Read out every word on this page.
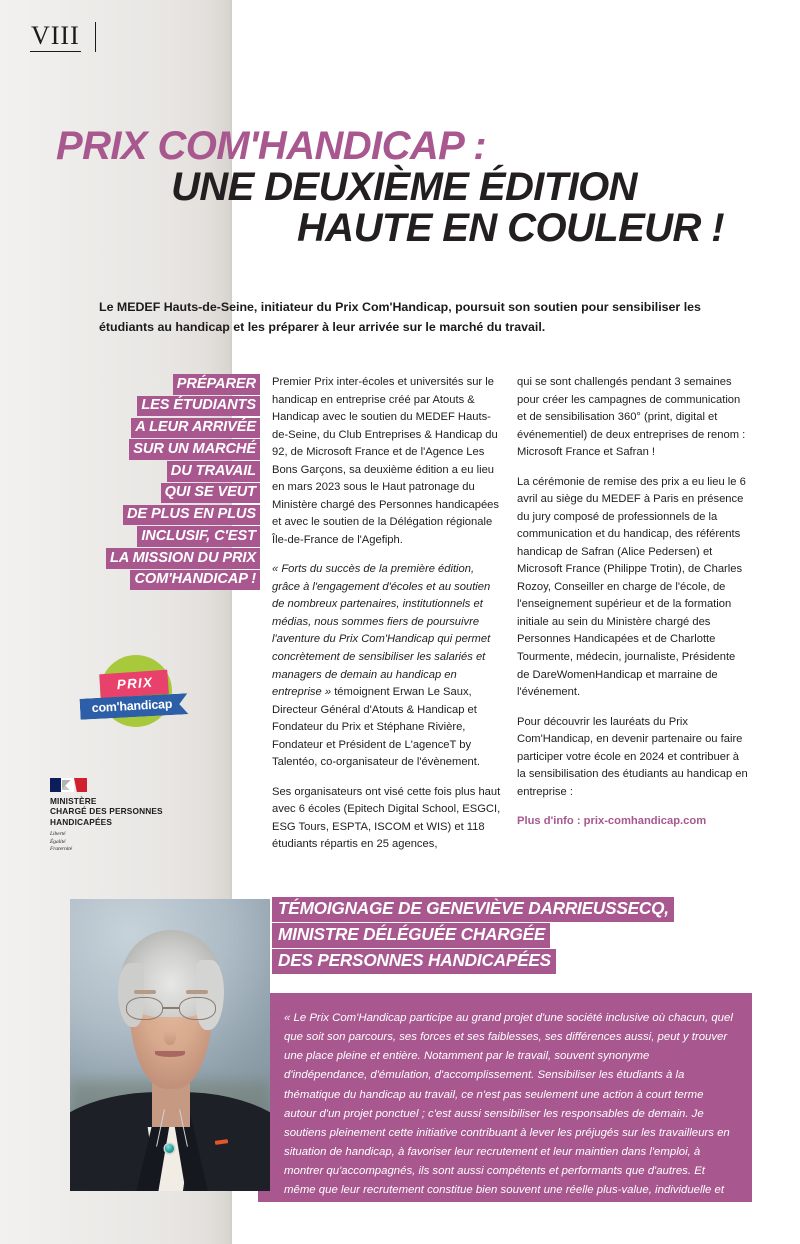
VIII
PRIX COM'HANDICAP :
UNE DEUXIÈME ÉDITION
HAUTE EN COULEUR !
Le MEDEF Hauts-de-Seine, initiateur du Prix Com'Handicap, poursuit son soutien pour sensibiliser les étudiants au handicap et les préparer à leur arrivée sur le marché du travail.
PRÉPARER
LES ÉTUDIANTS
A LEUR ARRIVÉE
SUR UN MARCHÉ
DU TRAVAIL
QUI SE VEUT
DE PLUS EN PLUS
INCLUSIF, C'EST
LA MISSION DU PRIX
COM'HANDICAP !
PRIX
com'handicap
MINISTÈRE
CHARGÉ DES PERSONNES
HANDICAPÉES
Liberté
Égalité
Fraternité

Premier Prix inter-écoles et universités sur le handicap en entreprise créé par Atouts & Handicap avec le soutien du MEDEF Hauts-de-Seine, du Club Entreprises & Handicap du 92, de Microsoft France et de l'Agence Les Bons Garçons, sa deuxième édition a eu lieu en mars 2023 sous le Haut patronage du Ministère chargé des Personnes handicapées et avec le soutien de la Délégation régionale Île-de-France de l'Agefiph.

« Forts du succès de la première édition, grâce à l'engagement d'écoles et au soutien de nombreux partenaires, institutionnels et médias, nous sommes fiers de poursuivre l'aventure du Prix Com'Handicap qui permet concrètement de sensibiliser les salariés et managers de demain au handicap en entreprise » témoignent Erwan Le Saux, Directeur Général d'Atouts & Handicap et Fondateur du Prix et Stéphane Rivière, Fondateur et Président de L'agenceT by Talentéo, co-organisateur de l'évènement.

Ses organisateurs ont visé cette fois plus haut avec 6 écoles (Epitech Digital School, ESGCI, ESG Tours, ESPTA, ISCOM et WIS) et 118 étudiants répartis en 25 agences,

qui se sont challengés pendant 3 semaines pour créer les campagnes de communication et de sensibilisation 360° (print, digital et événementiel) de deux entreprises de renom : Microsoft France et Safran !

La cérémonie de remise des prix a eu lieu le 6 avril au siège du MEDEF à Paris en présence du jury composé de professionnels de la communication et du handicap, des référents handicap de Safran (Alice Pedersen) et Microsoft France (Philippe Trotin), de Charles Rozoy, Conseiller en charge de l'école, de l'enseignement supérieur et de la formation initiale au sein du Ministère chargé des Personnes Handicapées et de Charlotte Tourmente, médecin, journaliste, Présidente de DareWomenHandicap et marraine de l'événement.

Pour découvrir les lauréats du Prix Com'Handicap, en devenir partenaire ou faire participer votre école en 2024 et contribuer à la sensibilisation des étudiants au handicap en entreprise :

Plus d'info : prix-comhandicap.com

TÉMOIGNAGE DE GENEVIÈVE DARRIEUSSECQ,
MINISTRE DÉLÉGUÉE CHARGÉE
DES PERSONNES HANDICAPÉES
« Le Prix Com'Handicap participe au grand projet d'une société inclusive où chacun, quel que soit son parcours, ses forces et ses faiblesses, ses différences aussi, peut y trouver une place pleine et entière. Notamment par le travail, souvent synonyme d'indépendance, d'émulation, d'accomplissement. Sensibiliser les étudiants à la thématique du handicap au travail, ce n'est pas seulement une action à court terme autour d'un projet ponctuel ; c'est aussi sensibiliser les responsables de demain. Je soutiens pleinement cette initiative contribuant à lever les préjugés sur les travailleurs en situation de handicap, à favoriser leur recrutement et leur maintien dans l'emploi, à montrer qu'accompagnés, ils sont aussi compétents et performants que d'autres. Et même que leur recrutement constitue bien souvent une réelle plus-value, individuelle et collective, pour l'entreprise ! »
